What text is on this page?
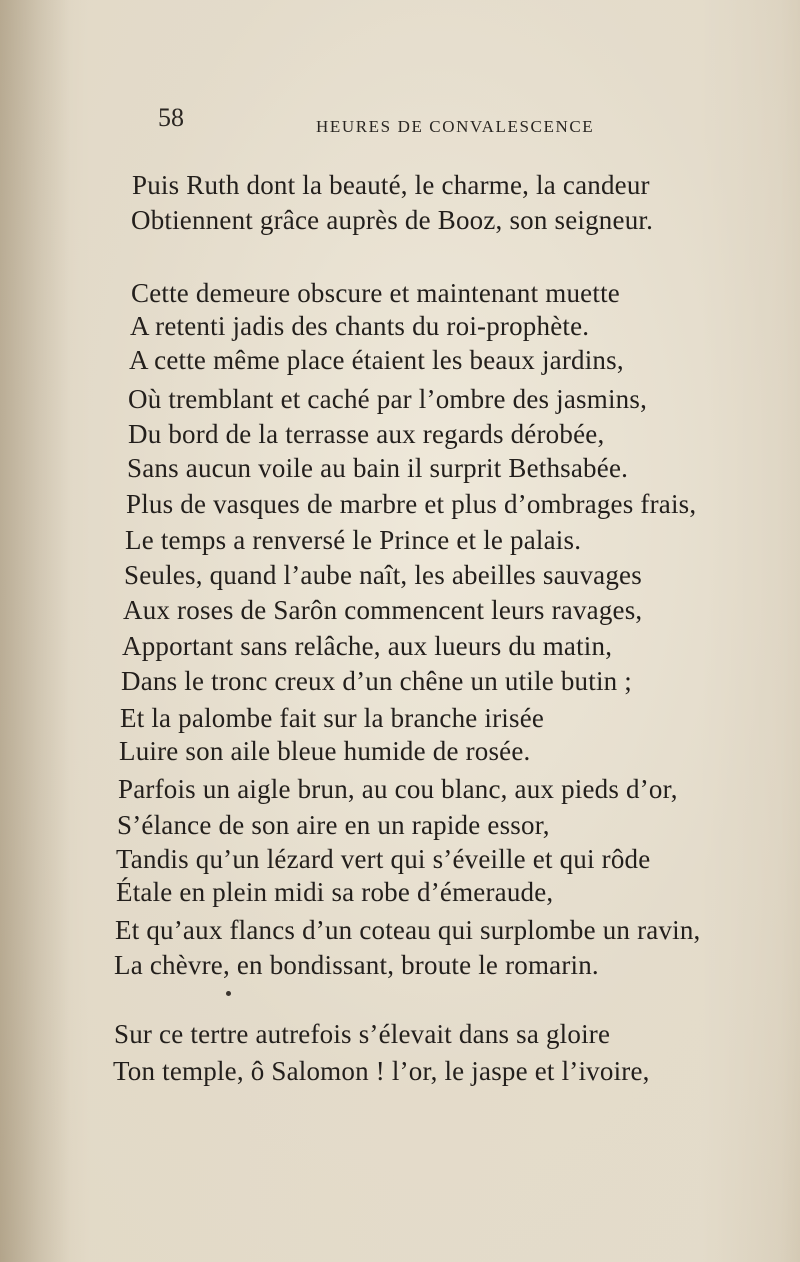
58	HEURES DE CONVALESCENCE
Puis Ruth dont la beauté, le charme, la candeur
Obtiennent grâce auprès de Booz, son seigneur.
Cette demeure obscure et maintenant muette
A retenti jadis des chants du roi-prophète.
A cette même place étaient les beaux jardins,
Où tremblant et caché par l’ombre des jasmins,
Du bord de la terrasse aux regards dérobée,
Sans aucun voile au bain il surprit Bethsabée.
Plus de vasques de marbre et plus d’ombrages frais,
Le temps a renversé le Prince et le palais.
Seules, quand l’aube naît, les abeilles sauvages
Aux roses de Sarôn commencent leurs ravages,
Apportant sans relâche, aux lueurs du matin,
Dans le tronc creux d’un chêne un utile butin ;
Et la palombe fait sur la branche irisée
Luire son aile bleue humide de rosée.
Parfois un aigle brun, au cou blanc, aux pieds d’or,
S’élance de son aire en un rapide essor,
Tandis qu’un lézard vert qui s’éveille et qui rôde
Étale en plein midi sa robe d’émeraude,
Et qu’aux flancs d’un coteau qui surplombe un ravin,
La chèvre, en bondissant, broute le romarin.
Sur ce tertre autrefois s’élevait dans sa gloire
Ton temple, ô Salomon ! l’or, le jaspe et l’ivoire,
